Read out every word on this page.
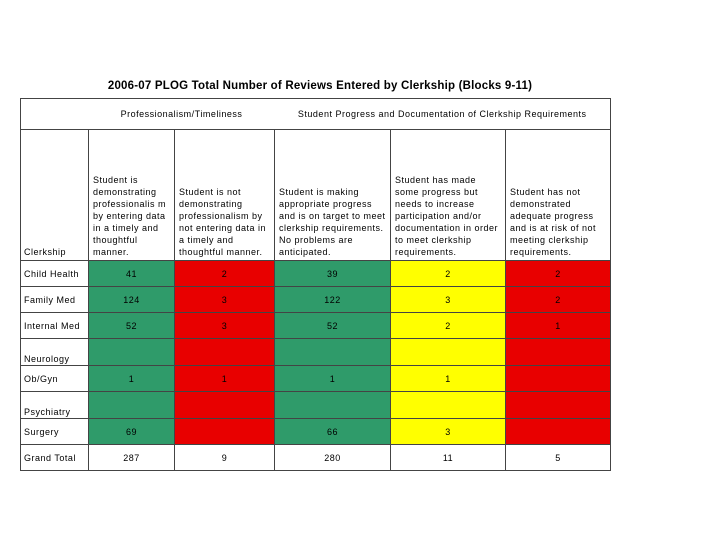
2006-07 PLOG Total Number of Reviews Entered by Clerkship (Blocks 9-11)
	Professionalism/Timeliness		Student Progress and Documentation of Clerkship Requirements		
Clerkship	Student is demonstrating professionalis m by entering data in a timely and thoughtful manner.	Student is not demonstrating professionalism by not entering data in a timely and thoughtful manner.	Student is making appropriate progress and is on target to meet clerkship requirements. No problems are anticipated.	Student has made some progress but needs to increase participation and/or documentation in order to meet clerkship requirements.	Student has not demonstrated adequate progress and is at risk of not meeting clerkship requirements.
Child Health	41	2	39	2	2
Family Med	124	3	122	3	2
Internal Med	52	3	52	2	1
Neurology					
Ob/Gyn	1	1	1	1	
Psychiatry					
Surgery	69		66	3	
Grand Total	287	9	280	11	5
